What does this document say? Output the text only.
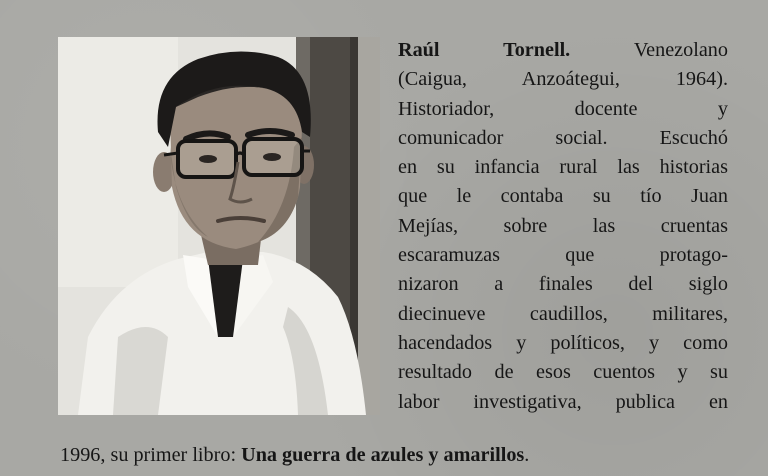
Raúl Tornell. Venezolano
(Caigua, Anzoátegui, 1964).
Historiador, docente y
comunicador social. Escuchó
en su infancia rural las historias
que le contaba su tío Juan
Mejías, sobre las cruentas
escaramuzas que protago-
nizaron a finales del siglo
diecinueve caudillos, militares,
hacendados y políticos, y como
resultado de esos cuentos y su
labor investigativa, publica en
1996, su primer libro: Una guerra de azules y amarillos.
